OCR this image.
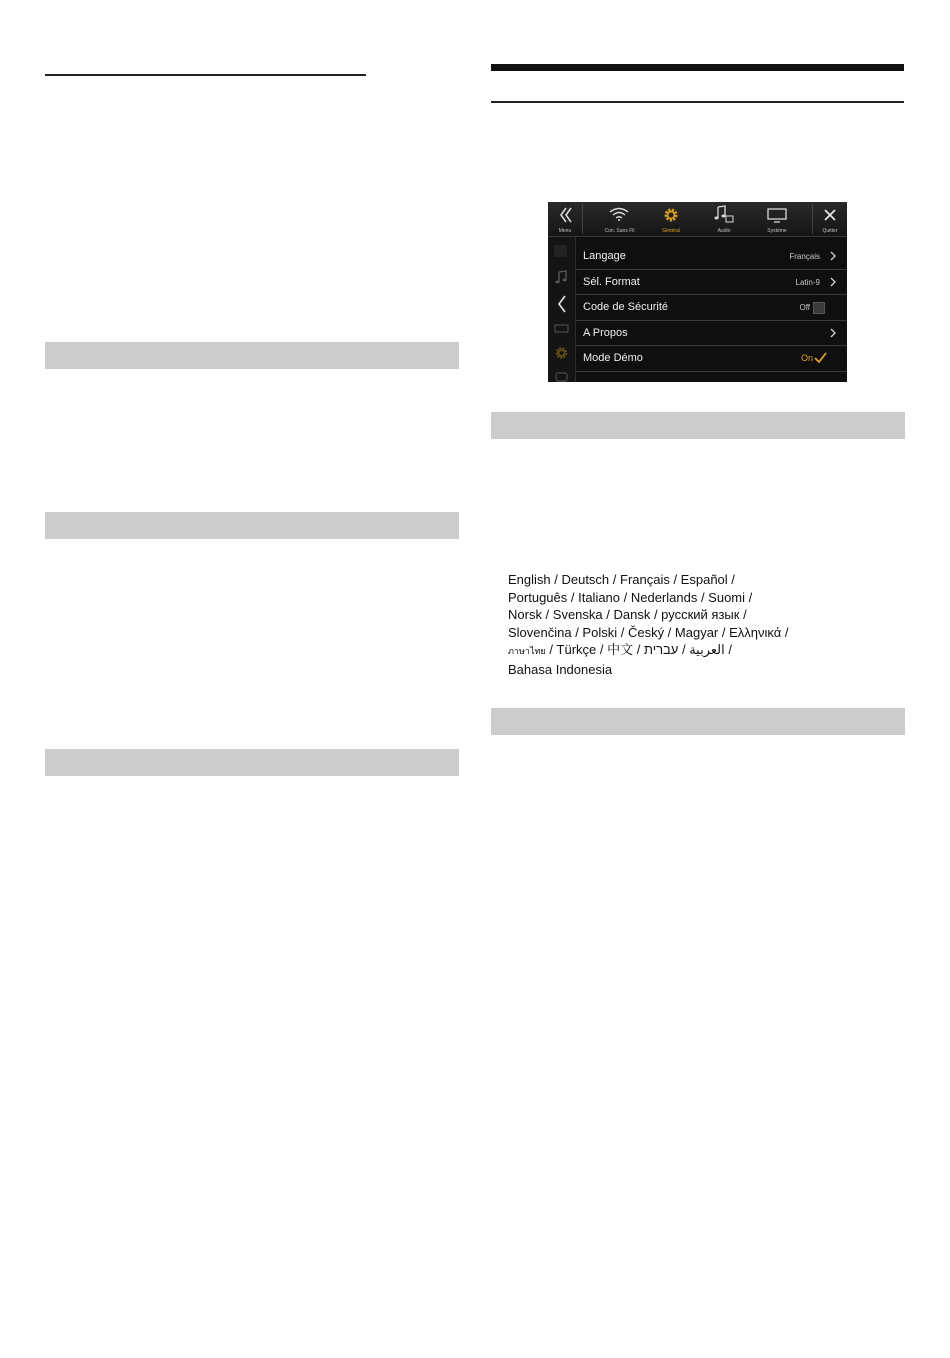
Menu	Con. Sans Fil	Général	Audio	Système	Quitter
Langage	Français
Sél. Format	Latin-9
Code de Sécurité	Off
A Propos
Mode Démo	On
English / Deutsch / Français / Español /
Português / Italiano / Nederlands / Suomi /
Norsk / Svenska / Dansk / русский язык /
Slovenčina / Polski / Český / Magyar / Ελληνικά /
ภาษาไทย / Türkçe / 中文 / العربية / עברית /
Bahasa Indonesia
